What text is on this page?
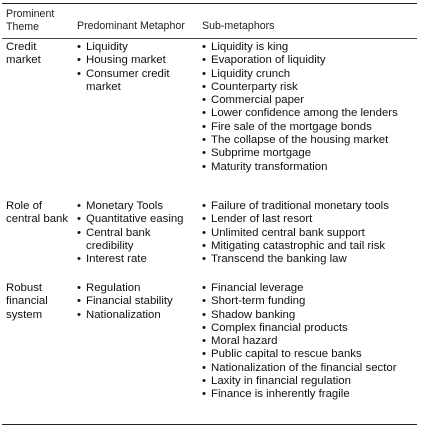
Prominent Theme	Predominant Metaphor	Sub-metaphors
Credit market
• Liquidity
• Housing market
• Consumer credit market
• Liquidity is king
• Evaporation of liquidity
• Liquidity crunch
• Counterparty risk
• Commercial paper
• Lower confidence among the lenders
• Fire sale of the mortgage bonds
• The collapse of the housing market
• Subprime mortgage
• Maturity transformation
Role of central bank
• Monetary Tools
• Quantitative easing
• Central bank credibility
• Interest rate
• Failure of traditional monetary tools
• Lender of last resort
• Unlimited central bank support
• Mitigating catastrophic and tail risk
• Transcend the banking law
Robust financial system
• Regulation
• Financial stability
• Nationalization
• Financial leverage
• Short-term funding
• Shadow banking
• Complex financial products
• Moral hazard
• Public capital to rescue banks
• Nationalization of the financial sector
• Laxity in financial regulation
• Finance is inherently fragile
